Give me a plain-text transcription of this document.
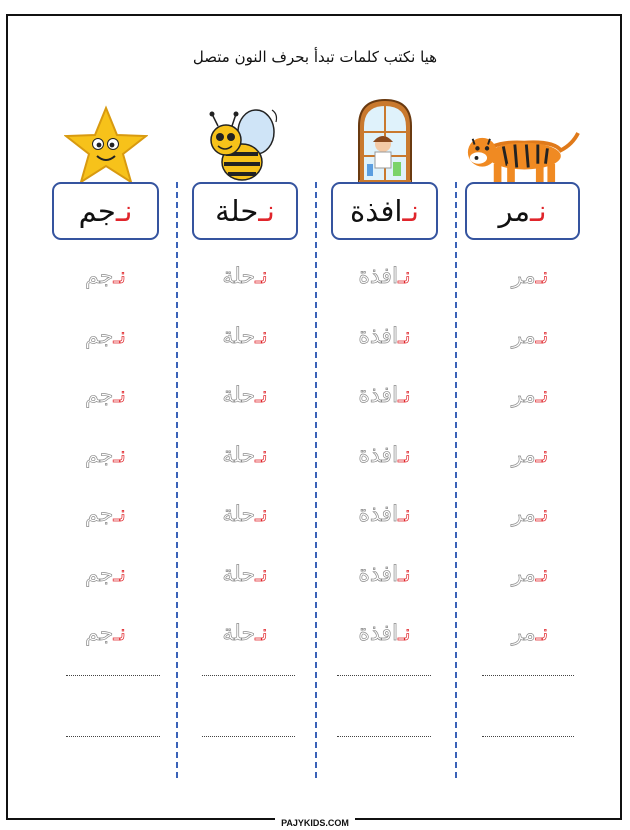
هيا نكتب كلمات تبدأ بحرف النون متصل
نـ
مر
نـ
افذة
نـ
حلة
نـ
جم
نـ
مر
نـ
مر
نـ
مر
نـ
مر
نـ
مر
نـ
مر
نـ
مر
نـ
افذة
نـ
افذة
نـ
افذة
نـ
افذة
نـ
افذة
نـ
افذة
نـ
افذة
نـ
حلة
نـ
حلة
نـ
حلة
نـ
حلة
نـ
حلة
نـ
حلة
نـ
حلة
نـ
جم
نـ
جم
نـ
جم
نـ
جم
نـ
جم
نـ
جم
نـ
جم
PAJYKIDS.COM
